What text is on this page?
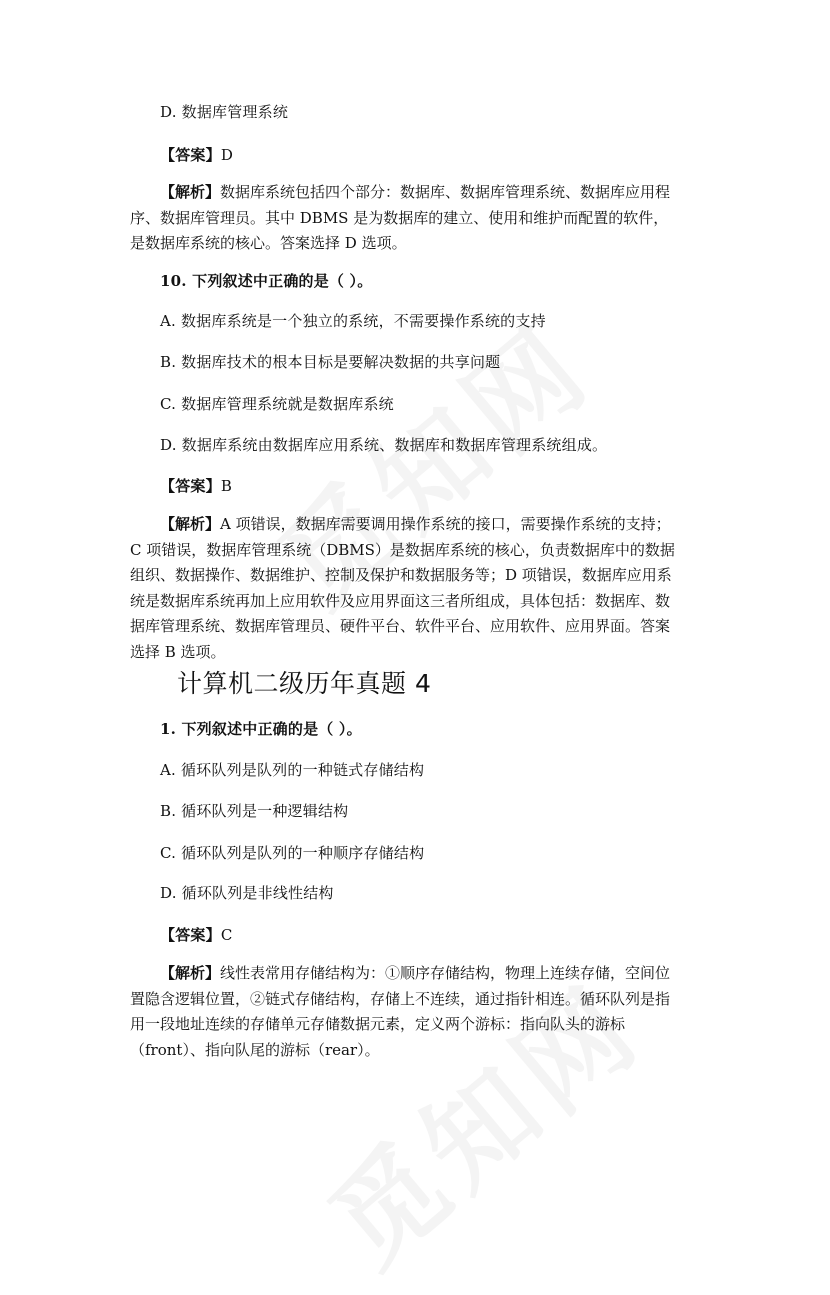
D. 数据库管理系统
【答案】D
【解析】数据库系统包括四个部分：数据库、数据库管理系统、数据库应用程序、数据库管理员。其中 DBMS 是为数据库的建立、使用和维护而配置的软件，是数据库系统的核心。答案选择 D 选项。
10. 下列叙述中正确的是（ ）。
A. 数据库系统是一个独立的系统，不需要操作系统的支持
B. 数据库技术的根本目标是要解决数据的共享问题
C. 数据库管理系统就是数据库系统
D. 数据库系统由数据库应用系统、数据库和数据库管理系统组成。
【答案】B
【解析】A 项错误，数据库需要调用操作系统的接口，需要操作系统的支持；C 项错误，数据库管理系统（DBMS）是数据库系统的核心，负责数据库中的数据组织、数据操作、数据维护、控制及保护和数据服务等；D 项错误，数据库应用系统是数据库系统再加上应用软件及应用界面这三者所组成，具体包括：数据库、数据库管理系统、数据库管理员、硬件平台、软件平台、应用软件、应用界面。答案选择 B 选项。
计算机二级历年真题 4
1. 下列叙述中正确的是（ ）。
A. 循环队列是队列的一种链式存储结构
B. 循环队列是一种逻辑结构
C. 循环队列是队列的一种顺序存储结构
D. 循环队列是非线性结构
【答案】C
【解析】线性表常用存储结构为：①顺序存储结构，物理上连续存储，空间位置隐含逻辑位置，②链式存储结构，存储上不连续，通过指针相连。循环队列是指用一段地址连续的存储单元存储数据元素，定义两个游标：指向队头的游标（front）、指向队尾的游标（rear）。
